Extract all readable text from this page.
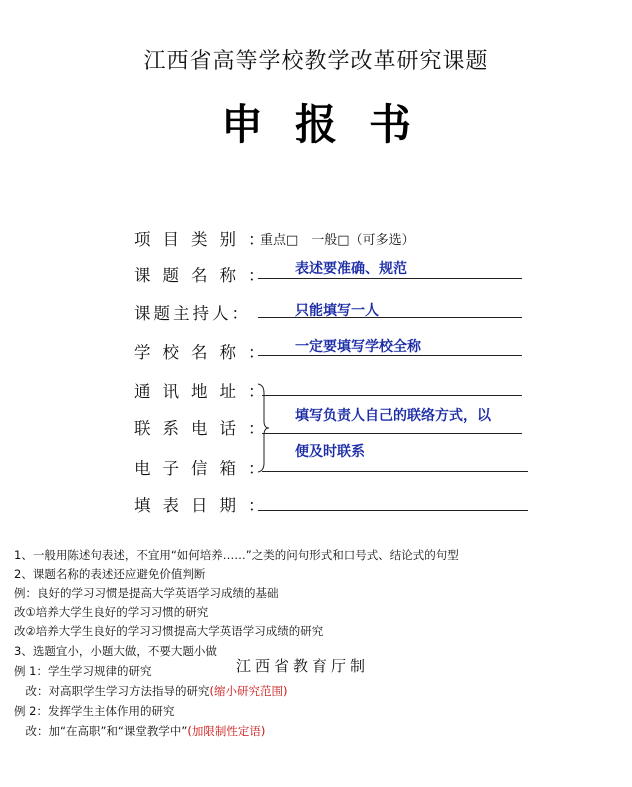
江西省高等学校教学改革研究课题
申报书
项目类别：
重点□　一般□（可多选）
课题名称： 表述要准确、规范
课题主持人：	只能填写一人
学校名称： 一定要填写学校全称
通讯地址：
联系电话：
填写负责人自己的联络方式，以
便及时联系
电子信箱：
填表日期：
1、一般用陈述句表述，不宜用“如何培养……”之类的问句形式和口号式、结论式的句型
2、课题名称的表述还应避免价值判断
例：良好的学习习惯是提高大学英语学习成绩的基础
改①培养大学生良好的学习习惯的研究
改②培养大学生良好的学习习惯提高大学英语学习成绩的研究
3、选题宜小，小题大做，不要大题小做
例 1：学生学习规律的研究
　改：对高职学生学习方法指导的研究(缩小研究范围)
例 2：发挥学生主体作用的研究
　改：加“在高职”和“课堂教学中”(加限制性定语)
江西省教育厅制
